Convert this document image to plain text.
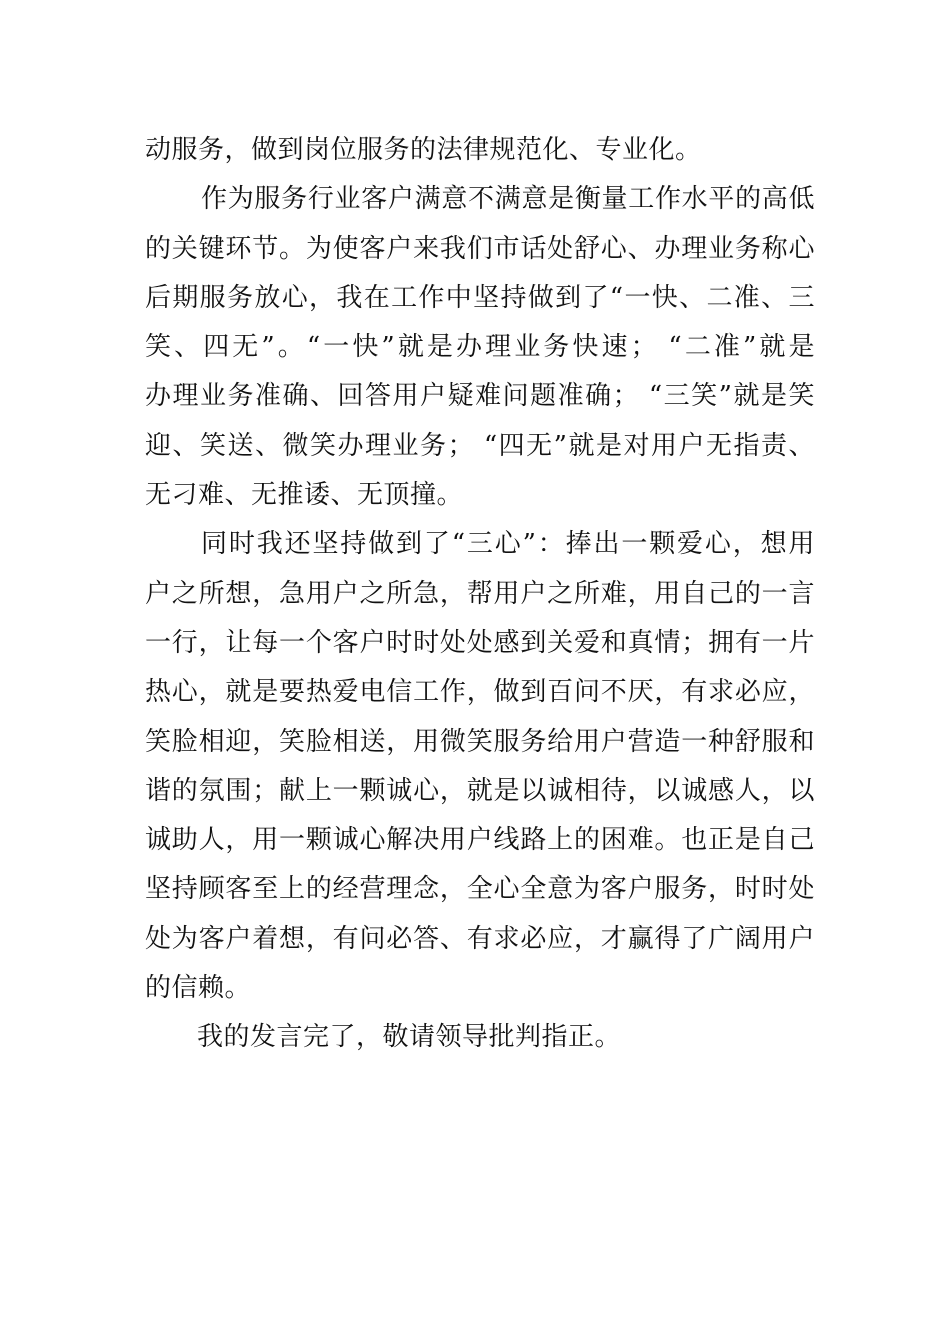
动服务，做到岗位服务的法律规范化、专业化。
作为服务行业客户满意不满意是衡量工作水平的高低
的关键环节。为使客户来我们市话处舒心、办理业务称心
后期服务放心，我在工作中坚持做到了“一快、二准、三
笑、四无”。“一快”就是办理业务快速； “二准”就是
办理业务准确、回答用户疑难问题准确； “三笑”就是笑
迎、笑送、微笑办理业务； “四无”就是对用户无指责、
无刁难、无推诿、无顶撞。
同时我还坚持做到了“三心”：捧出一颗爱心，想用
户之所想，急用户之所急，帮用户之所难，用自己的一言
一行，让每一个客户时时处处感到关爱和真情；拥有一片
热心，就是要热爱电信工作，做到百问不厌，有求必应，
笑脸相迎，笑脸相送，用微笑服务给用户营造一种舒服和
谐的氛围；献上一颗诚心，就是以诚相待，以诚感人，以
诚助人，用一颗诚心解决用户线路上的困难。也正是自己
坚持顾客至上的经营理念，全心全意为客户服务，时时处
处为客户着想，有问必答、有求必应，才赢得了广阔用户
的信赖。
我的发言完了，敬请领导批判指正。
